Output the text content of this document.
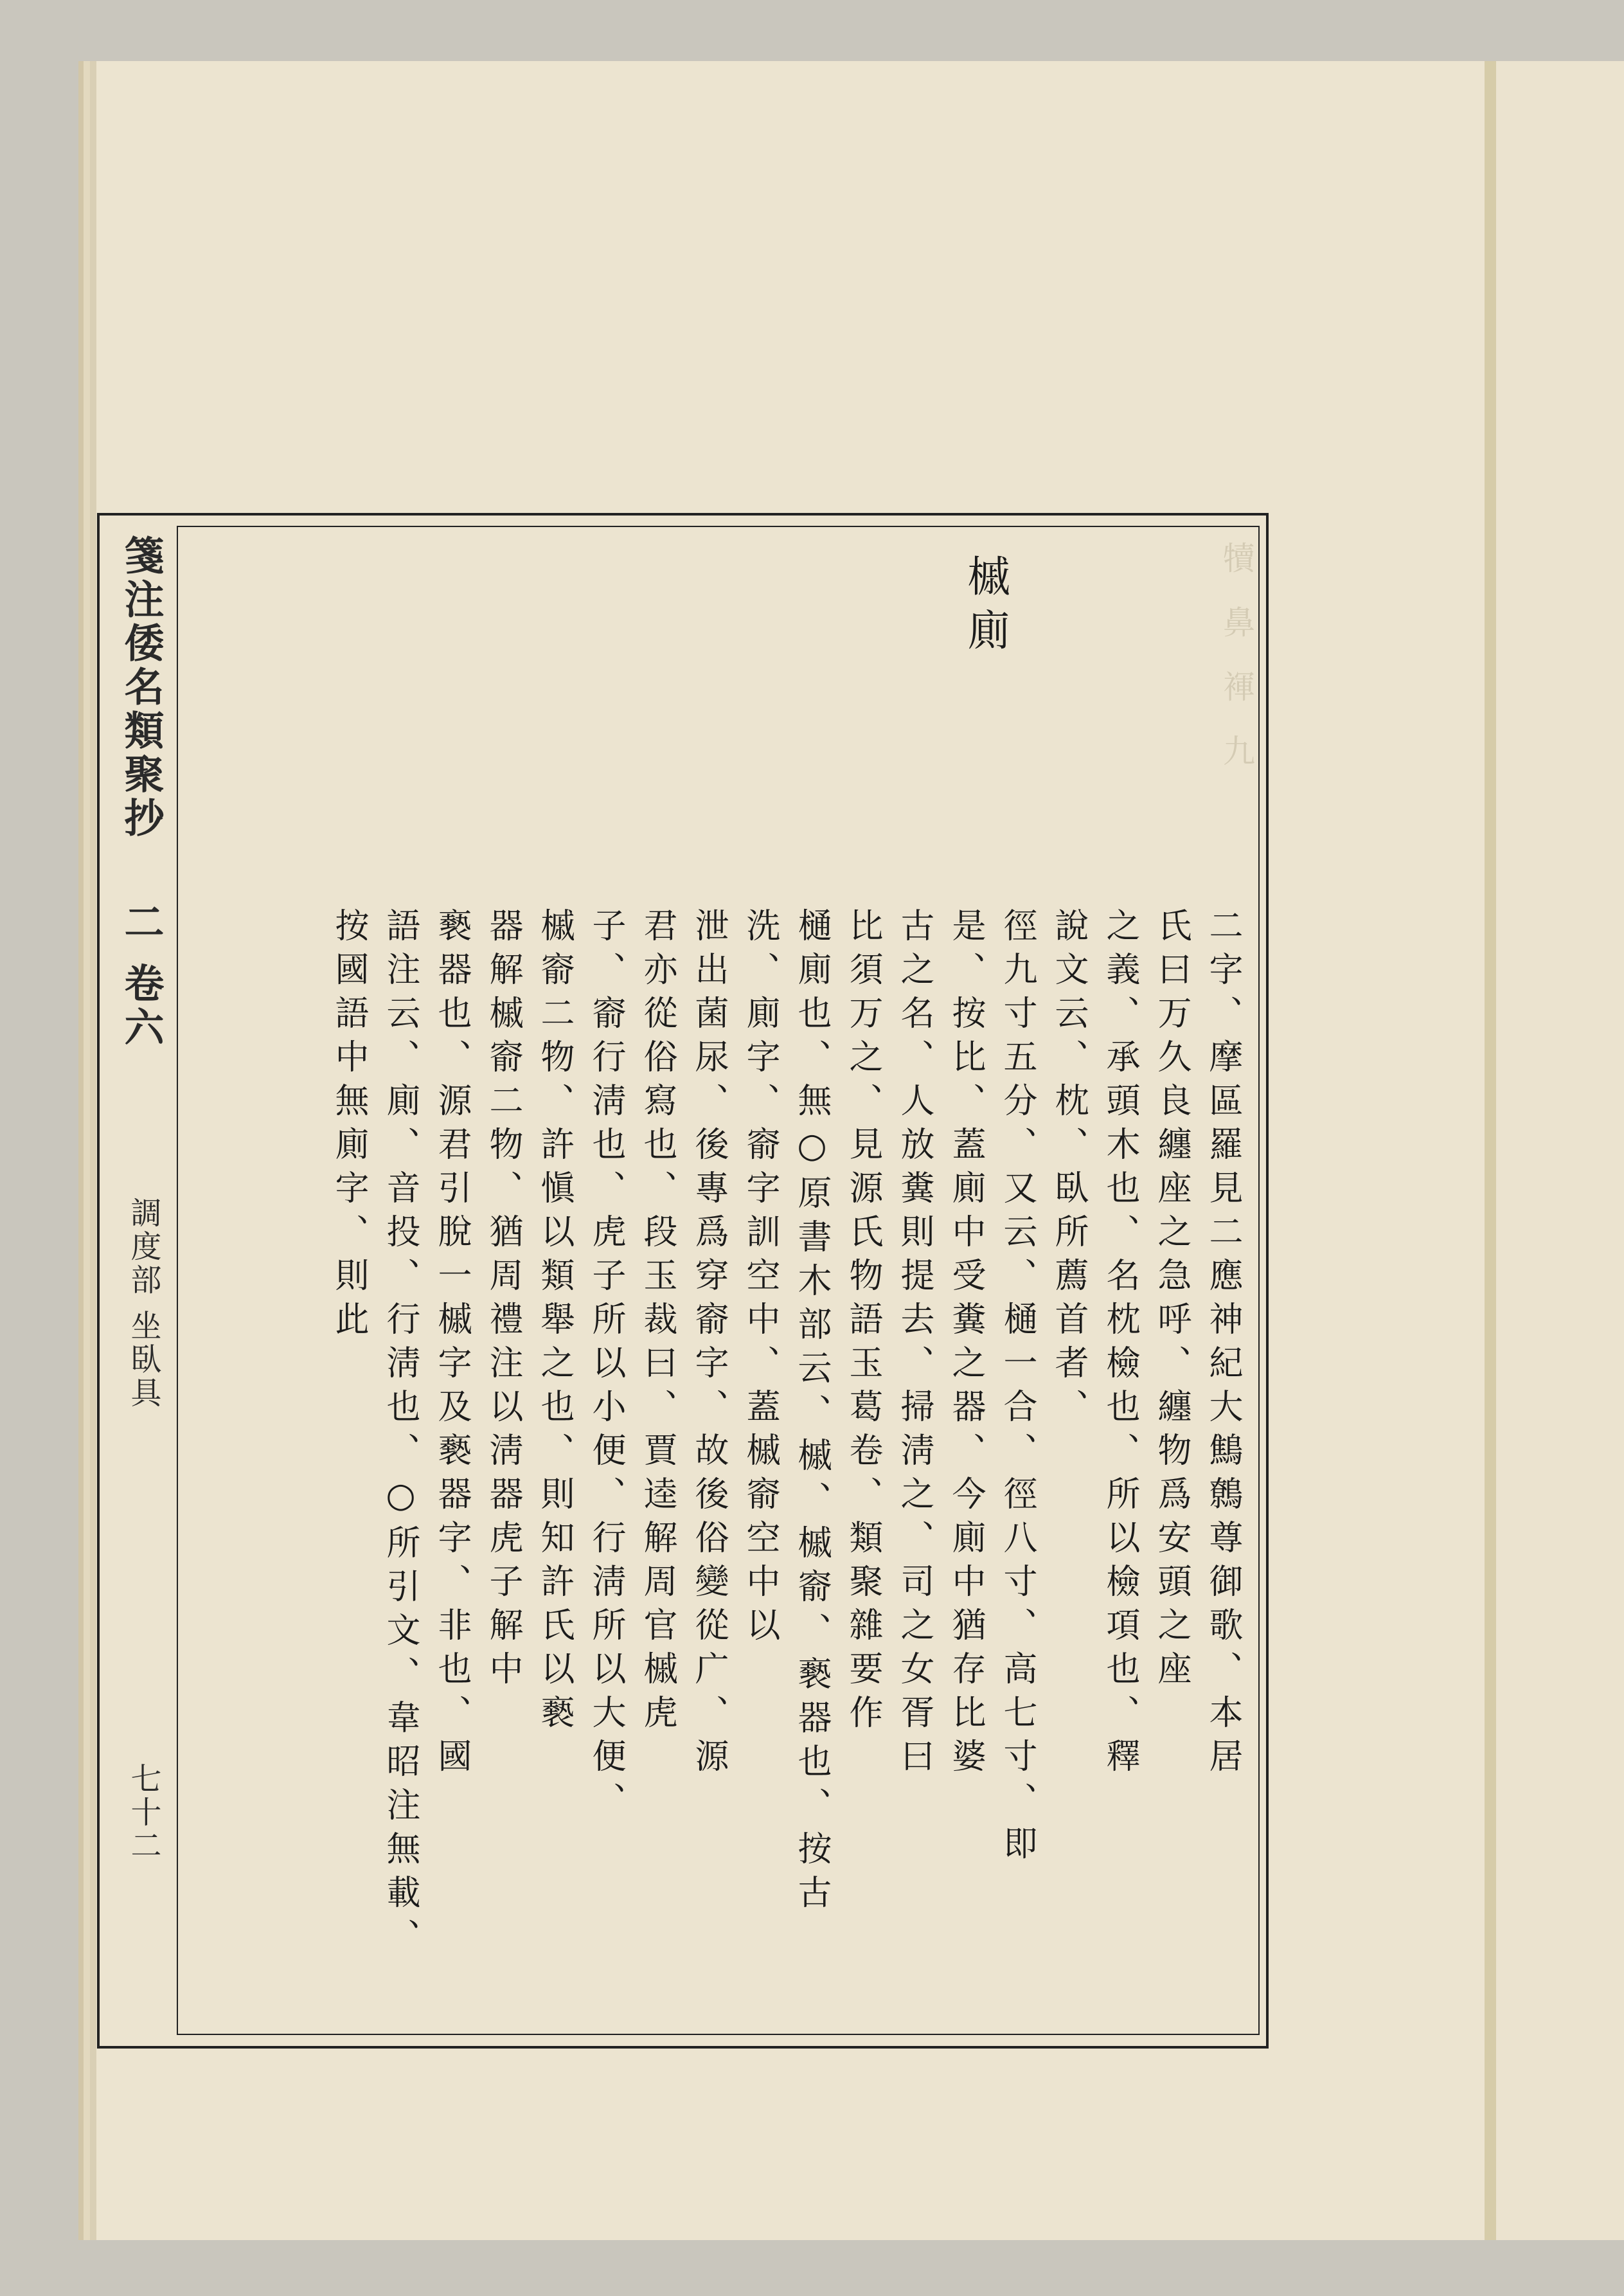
犢鼻褌九
槭廁
二字、摩區羅見二應神紀大鷦鷯尊御歌、本居
氏曰万久良纏座之急呼、纏物爲安頭之座
之義、承頭木也、名枕檢也、所以檢項也、釋
說文云、枕、臥所薦首者、
徑九寸五分、又云、樋一合、徑八寸、高七寸、即
是、按比、蓋廁中受糞之器、今廁中猶存比婆
古之名、人放糞則提去、掃淸之、司之女胥曰
比須万之、見源氏物語玉葛卷、類聚雜要作
樋廁也、無○原書木部云、槭、槭窬、褻器也、按古
洗、廁字、窬字訓空中、蓋槭窬空中以
泄出菌尿、後專爲穿窬字、故後俗變從广、源
君亦從俗寫也、段玉裁曰、賈逵解周官槭虎
子、窬行淸也、虎子所以小便、行淸所以大便、
槭窬二物、許愼以類舉之也、則知許氏以褻
器解槭窬二物、猶周禮注以淸器虎子解中
褻器也、源君引脫一槭字及褻器字、非也、國
語注云、廁、音投、行淸也、○所引文、韋昭注無載、
按國語中無廁字、則此
箋注倭名類聚抄
二 卷六
調度部 坐臥具
七十二
